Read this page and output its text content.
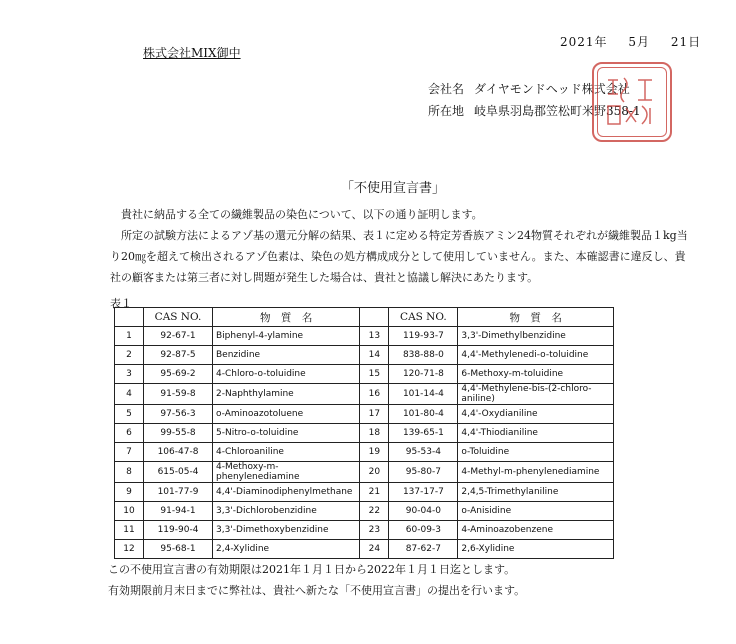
2021年 5月 21日
株式会社MIX御中
会社名 ダイヤモンドヘッド株式会社
所在地 岐阜県羽島郡笠松町米野358-1
「不使用宣言書」
貴社に納品する全ての繊維製品の染色について、以下の通り証明します。
所定の試験方法によるアゾ基の還元分解の結果、表１に定める特定芳香族アミン24物質それぞれが繊維製品１kg当り20㎎を超えて検出されるアゾ色素は、染色の処方構成成分として使用していません。また、本確認書に違反し、貴社の顧客または第三者に対し問題が発生した場合は、貴社と協議し解決にあたります。
表１
	CAS NO.	物　質　名		CAS NO.	物　質　名
1	92-67-1	Biphenyl-4-ylamine	13	119-93-7	3,3'-Dimethylbenzidine
2	92-87-5	Benzidine	14	838-88-0	4,4'-Methylenedi-o-toluidine
3	95-69-2	4-Chloro-o-toluidine	15	120-71-8	6-Methoxy-m-toluidine
4	91-59-8	2-Naphthylamine	16	101-14-4	4,4'-Methylene-bis-(2-chloro-aniline)
5	97-56-3	o-Aminoazotoluene	17	101-80-4	4,4'-Oxydianiline
6	99-55-8	5-Nitro-o-toluidine	18	139-65-1	4,4'-Thiodianiline
7	106-47-8	4-Chloroaniline	19	95-53-4	o-Toluidine
8	615-05-4	4-Methoxy-m-phenylenediamine	20	95-80-7	4-Methyl-m-phenylenediamine
9	101-77-9	4,4'-Diaminodiphenylmethane	21	137-17-7	2,4,5-Trimethylaniline
10	91-94-1	3,3'-Dichlorobenzidine	22	90-04-0	o-Anisidine
11	119-90-4	3,3'-Dimethoxybenzidine	23	60-09-3	4-Aminoazobenzene
12	95-68-1	2,4-Xylidine	24	87-62-7	2,6-Xylidine
この不使用宣言書の有効期限は2021年１月１日から2022年１月１日迄とします。
有効期限前月末日までに弊社は、貴社へ新たな「不使用宣言書」の提出を行います。
